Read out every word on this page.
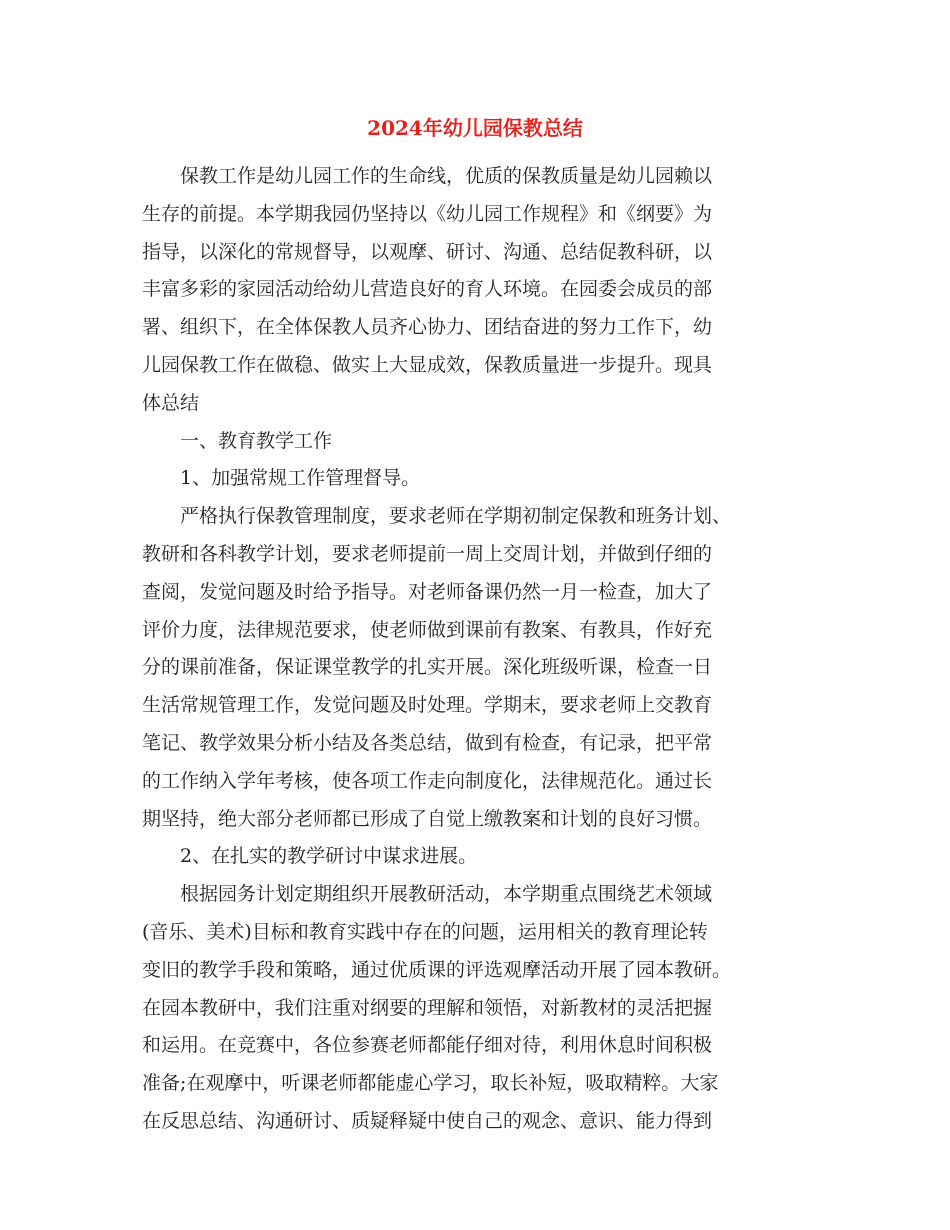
2024年幼儿园保教总结
　　保教工作是幼儿园工作的生命线，优质的保教质量是幼儿园赖以
生存的前提。本学期我园仍坚持以《幼儿园工作规程》和《纲要》为
指导，以深化的常规督导，以观摩、研讨、沟通、总结促教科研，以
丰富多彩的家园活动给幼儿营造良好的育人环境。在园委会成员的部
署、组织下，在全体保教人员齐心协力、团结奋进的努力工作下，幼
儿园保教工作在做稳、做实上大显成效，保教质量进一步提升。现具
体总结
　　一、教育教学工作
　　1、加强常规工作管理督导。
　　严格执行保教管理制度，要求老师在学期初制定保教和班务计划、
教研和各科教学计划，要求老师提前一周上交周计划，并做到仔细的
查阅，发觉问题及时给予指导。对老师备课仍然一月一检查，加大了
评价力度，法律规范要求，使老师做到课前有教案、有教具，作好充
分的课前准备，保证课堂教学的扎实开展。深化班级听课，检查一日
生活常规管理工作，发觉问题及时处理。学期末，要求老师上交教育
笔记、教学效果分析小结及各类总结，做到有检查，有记录，把平常
的工作纳入学年考核，使各项工作走向制度化，法律规范化。通过长
期坚持，绝大部分老师都已形成了自觉上缴教案和计划的良好习惯。
　　2、在扎实的教学研讨中谋求进展。
　　根据园务计划定期组织开展教研活动，本学期重点围绕艺术领域
(音乐、美术)目标和教育实践中存在的问题，运用相关的教育理论转
变旧的教学手段和策略，通过优质课的评选观摩活动开展了园本教研。
在园本教研中，我们注重对纲要的理解和领悟，对新教材的灵活把握
和运用。在竞赛中，各位参赛老师都能仔细对待，利用休息时间积极
准备;在观摩中，听课老师都能虚心学习，取长补短，吸取精粹。大家
在反思总结、沟通研讨、质疑释疑中使自己的观念、意识、能力得到
